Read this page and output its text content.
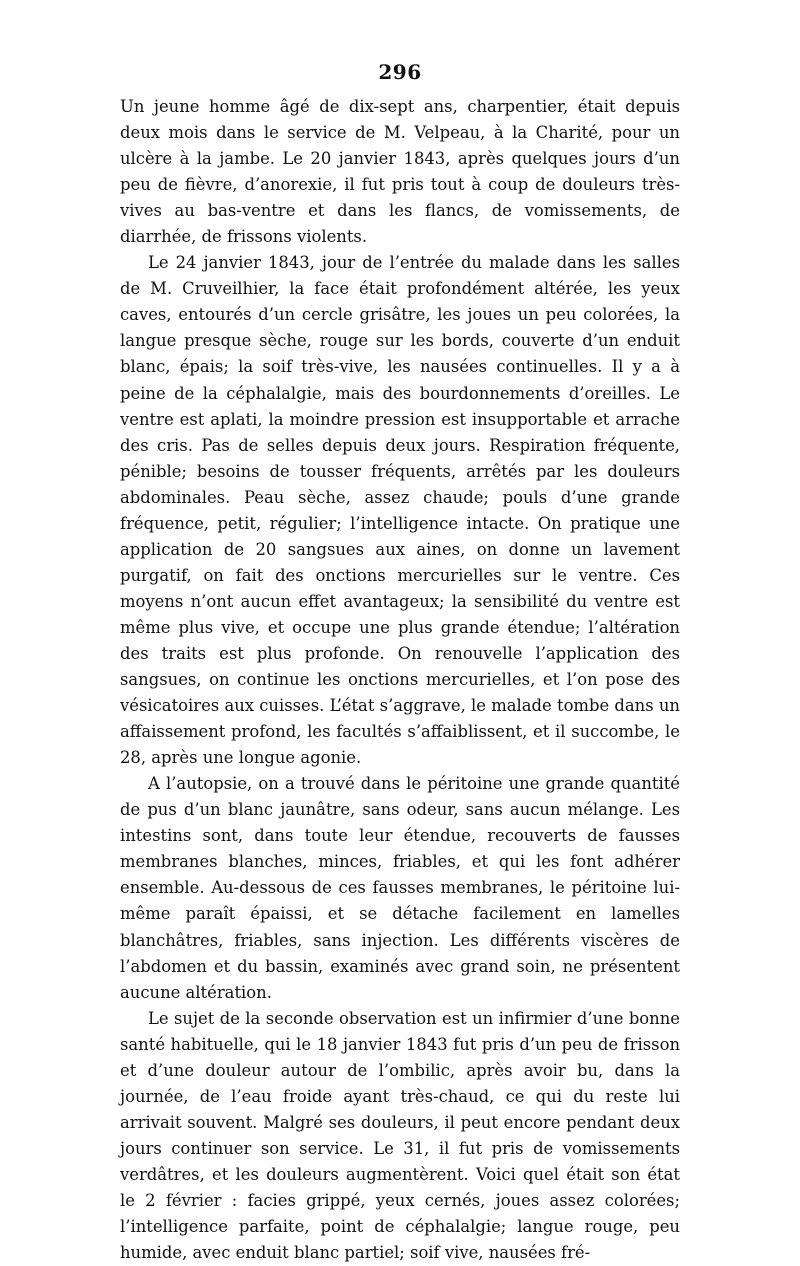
296

Un jeune homme âgé de dix-sept ans, charpentier, était depuis deux mois dans le service de M. Velpeau, à la Charité, pour un ulcère à la jambe. Le 20 janvier 1843, après quelques jours d’un peu de fièvre, d’anorexie, il fut pris tout à coup de douleurs très-vives au bas-ventre et dans les flancs, de vomissements, de diarrhée, de frissons violents.

Le 24 janvier 1843, jour de l’entrée du malade dans les salles de M. Cruveilhier, la face était profondément altérée, les yeux caves, entourés d’un cercle grisâtre, les joues un peu colorées, la langue presque sèche, rouge sur les bords, couverte d’un enduit blanc, épais; la soif très-vive, les nausées continuelles. Il y a à peine de la céphalalgie, mais des bourdonnements d’oreilles. Le ventre est aplati, la moindre pression est insupportable et arrache des cris. Pas de selles depuis deux jours. Respiration fréquente, pénible; besoins de tousser fréquents, arrêtés par les douleurs abdominales. Peau sèche, assez chaude; pouls d’une grande fréquence, petit, régulier; l’intelligence intacte. On pratique une application de 20 sangsues aux aines, on donne un lavement purgatif, on fait des onctions mercurielles sur le ventre. Ces moyens n’ont aucun effet avantageux; la sensibilité du ventre est même plus vive, et occupe une plus grande étendue; l’altération des traits est plus profonde. On renouvelle l’application des sangsues, on continue les onctions mercurielles, et l’on pose des vésicatoires aux cuisses. L’état s’aggrave, le malade tombe dans un affaissement profond, les facultés s’affaiblissent, et il succombe, le 28, après une longue agonie.

A l’autopsie, on a trouvé dans le péritoine une grande quantité de pus d’un blanc jaunâtre, sans odeur, sans aucun mélange. Les intestins sont, dans toute leur étendue, recouverts de fausses membranes blanches, minces, friables, et qui les font adhérer ensemble. Au-dessous de ces fausses membranes, le péritoine lui-même paraît épaissi, et se détache facilement en lamelles blanchâtres, friables, sans injection. Les différents viscères de l’abdomen et du bassin, examinés avec grand soin, ne présentent aucune altération.

Le sujet de la seconde observation est un infirmier d’une bonne santé habituelle, qui le 18 janvier 1843 fut pris d’un peu de frisson et d’une douleur autour de l’ombilic, après avoir bu, dans la journée, de l’eau froide ayant très-chaud, ce qui du reste lui arrivait souvent. Malgré ses douleurs, il peut encore pendant deux jours continuer son service. Le 31, il fut pris de vomissements verdâtres, et les douleurs augmentèrent. Voici quel était son état le 2 février : facies grippé, yeux cernés, joues assez colorées; l’intelligence parfaite, point de céphalalgie; langue rouge, peu humide, avec enduit blanc partiel; soif vive, nausées fré-
